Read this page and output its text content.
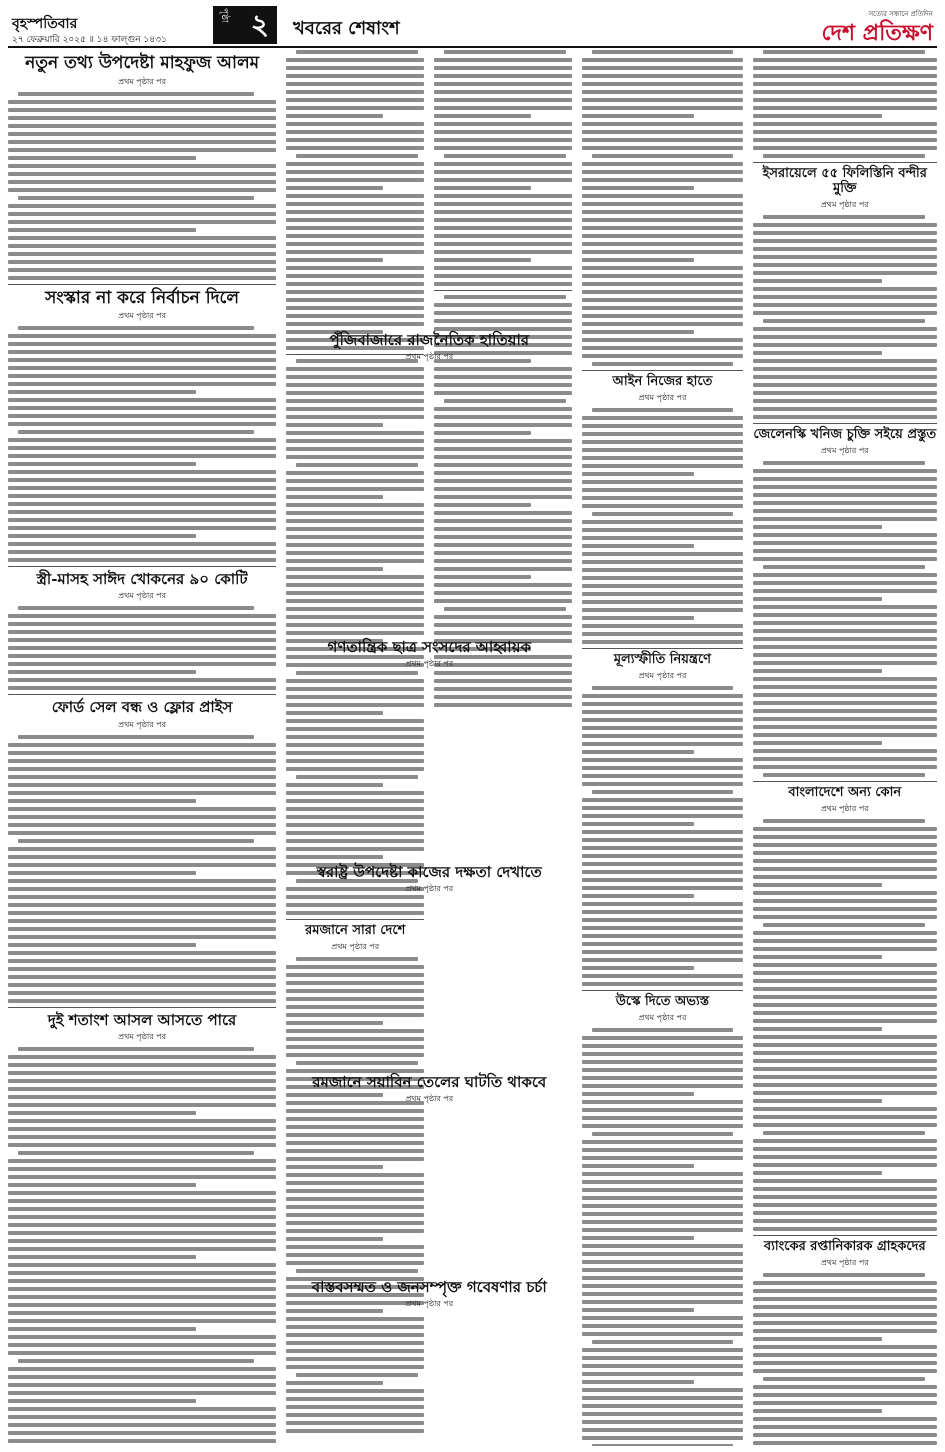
বৃহস্পতিবার
২৭ ফেব্রুয়ারি ২০২৫ ॥ ১৪ ফাল্গুন ১৪৩১
পৃষ্ঠা ২ খবরের শেষাংশ
সত্যের সন্ধানে প্রতিদিন
দেশ প্রতিক্ষণ
নতুন তথ্য উপদেষ্টা মাহফুজ আলম
প্রথম পৃষ্ঠার পর
সংস্কার না করে নির্বাচন দিলে
প্রথম পৃষ্ঠার পর
স্ত্রী-মাসহ সাঈদ খোকনের ৯০ কোটি
প্রথম পৃষ্ঠার পর
ফোর্ড সেল বন্ধ ও ফ্লোর প্রাইস
প্রথম পৃষ্ঠার পর
দুই শতাংশ আসল আসতে পারে
প্রথম পৃষ্ঠার পর
রমজানে সারা দেশে
প্রথম পৃষ্ঠার পর
পুঁজিবাজারে রাজনৈতিক হাতিয়ার
প্রথম পৃষ্ঠার পর
গণতান্ত্রিক ছাত্র সংসদের আহ্বায়ক
প্রথম পৃষ্ঠার পর
স্বরাষ্ট্র উপদেষ্টা কাজের দক্ষতা দেখাতে
প্রথম পৃষ্ঠার পর
রমজানে সয়াবিন তেলের ঘাটতি থাকবে
প্রথম পৃষ্ঠার পর
বাস্তবসম্মত ও জনসম্পৃক্ত গবেষণার চর্চা
প্রথম পৃষ্ঠার পর
আইন নিজের হাতে
প্রথম পৃষ্ঠার পর
মূল্যস্ফীতি নিয়ন্ত্রণে
প্রথম পৃষ্ঠার পর
উস্কে দিতে অভ্যস্ত
প্রথম পৃষ্ঠার পর
ইসরায়েলে ৫৫ ফিলিস্তিনি বন্দীর মুক্তি
প্রথম পৃষ্ঠার পর
জেলেনস্কি খনিজ চুক্তি সইয়ে প্রস্তুত
প্রথম পৃষ্ঠার পর
বাংলাদেশে অন্য কোন
প্রথম পৃষ্ঠার পর
ব্যাংকের রপ্তানিকারক গ্রাহকদের
প্রথম পৃষ্ঠার পর
